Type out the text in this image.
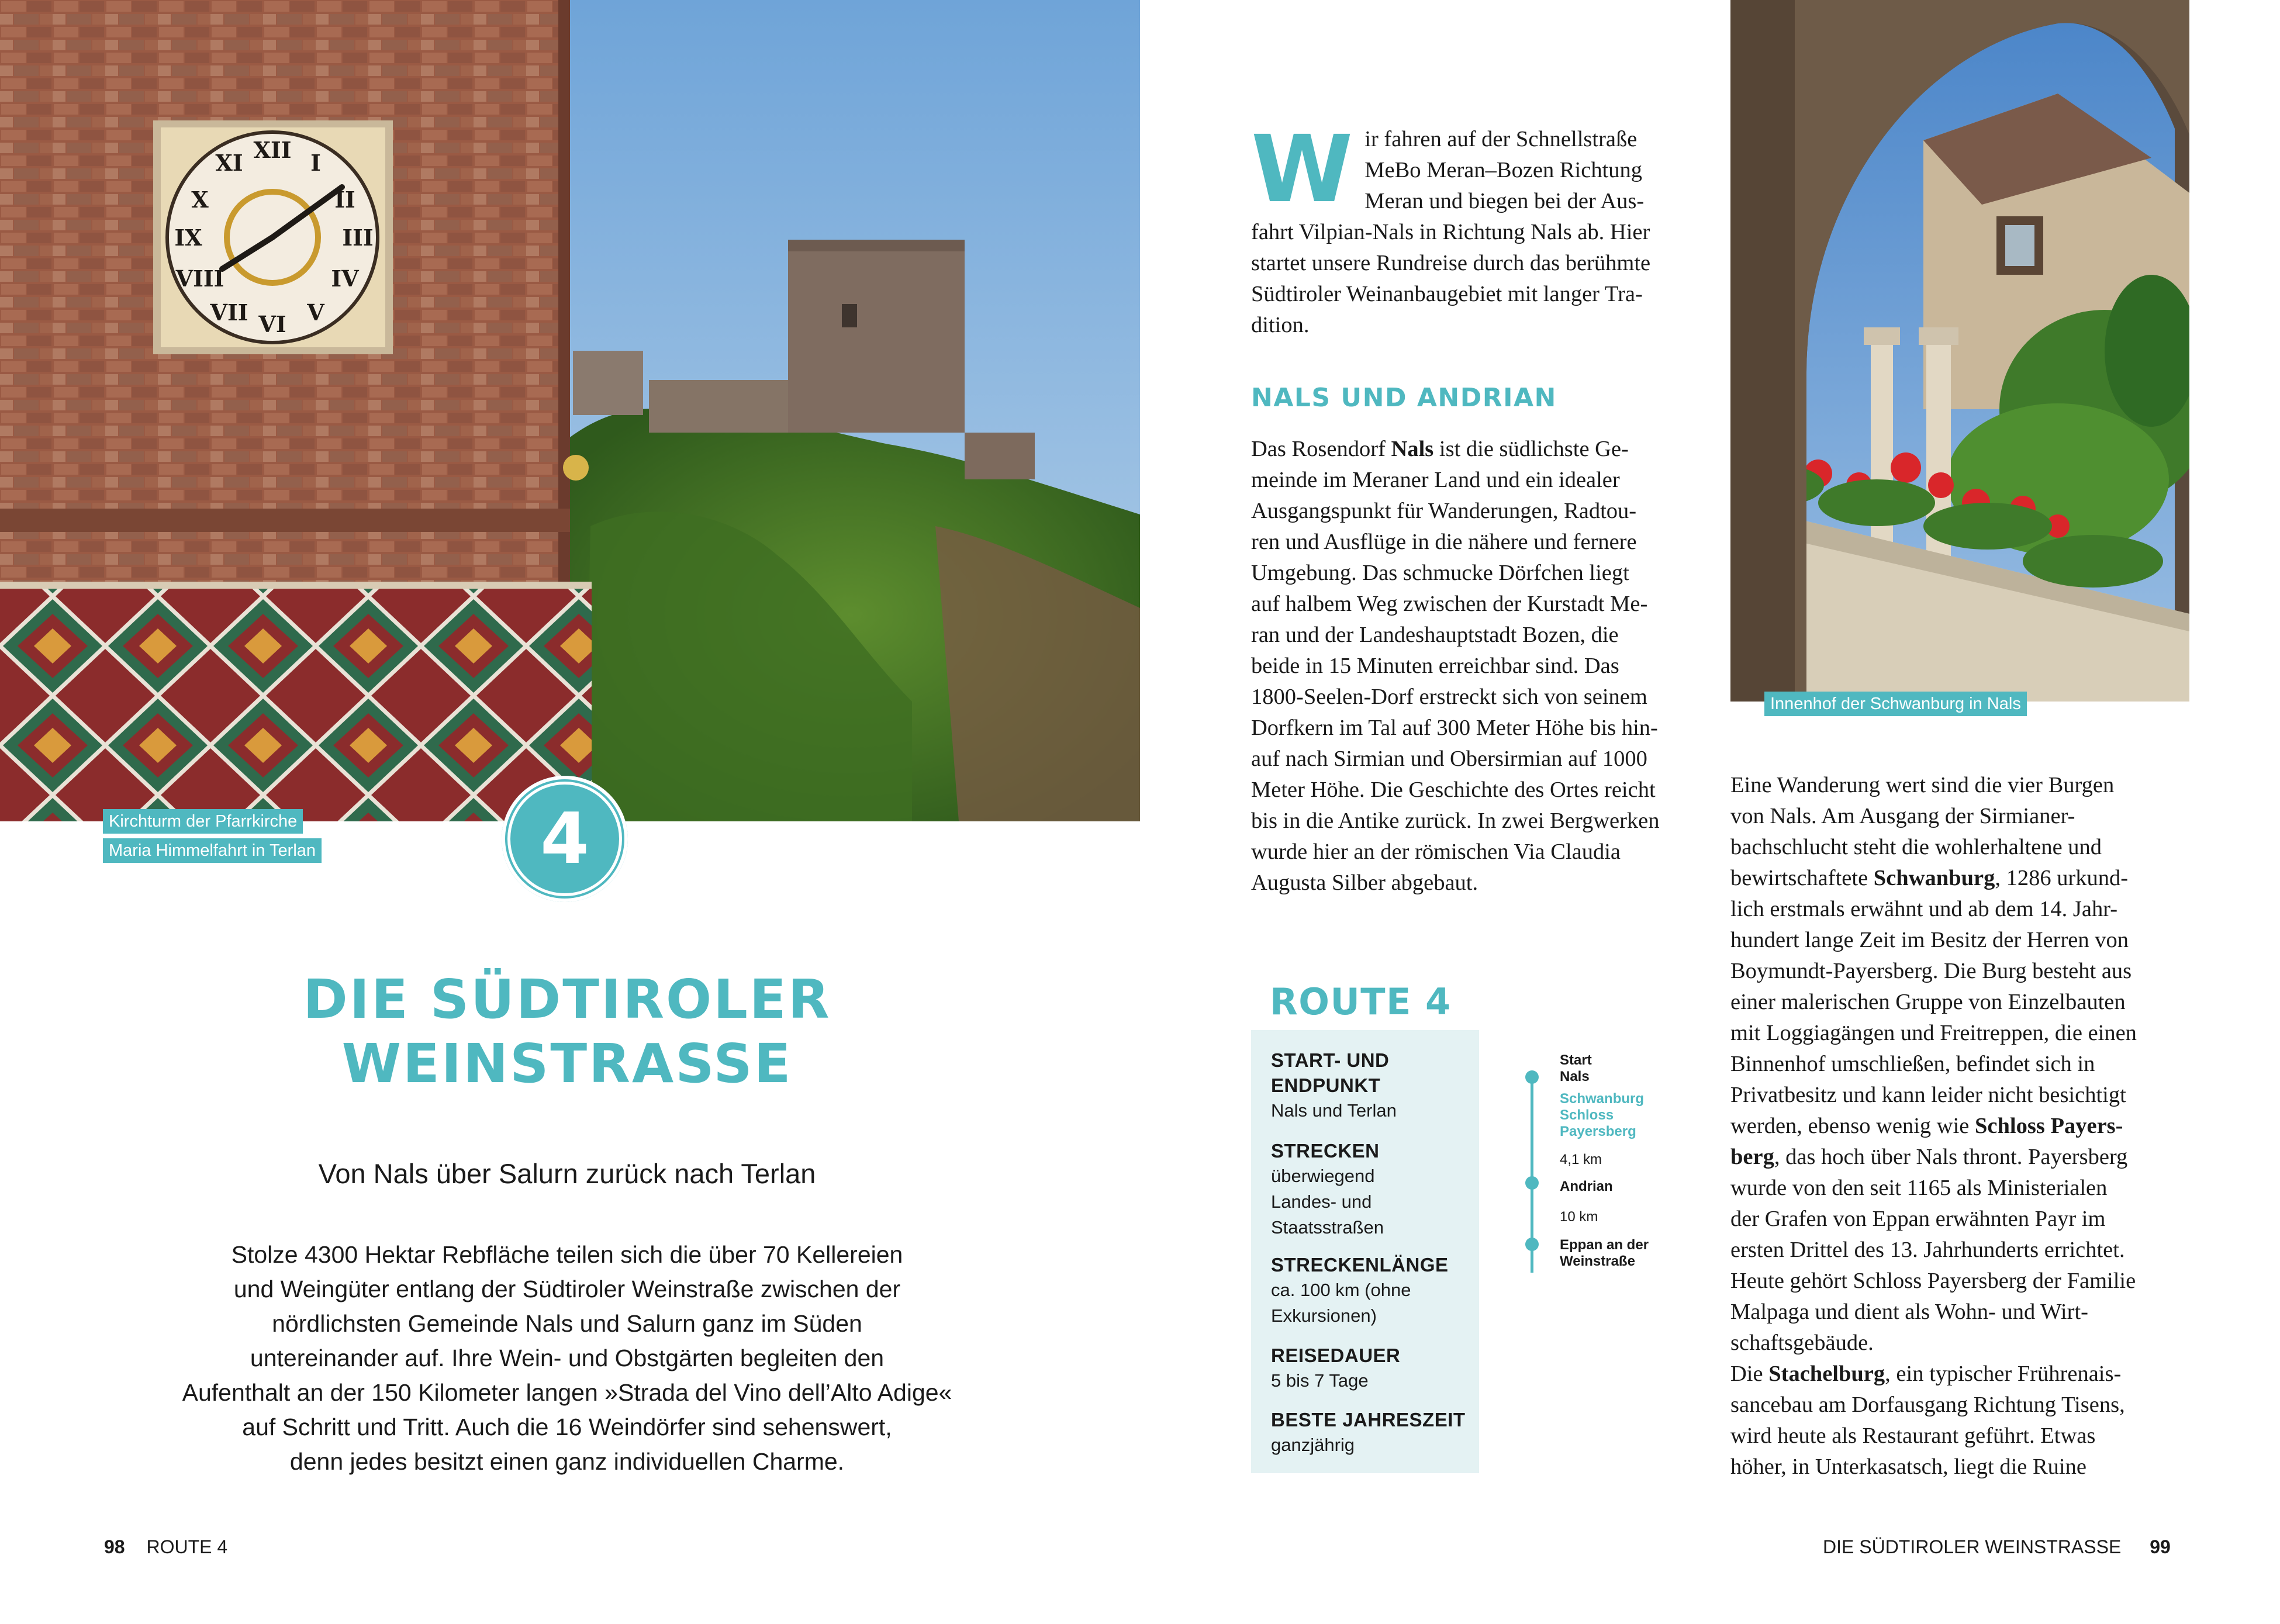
XII
VI
IX	III
XI	I
II
IV
V
VII
VIII
X
Kirchturm der Pfarrkirche
Maria Himmelfahrt in Terlan	4
DIE SÜDTIROLER
WEINSTRASSE

Von Nals über Salurn zurück nach Terlan

Stolze 4300 Hektar Rebfläche teilen sich die über 70 Kellereien
und Weingüter entlang der Südtiroler Weinstraße zwischen der
nördlichsten Gemeinde Nals und Salurn ganz im Süden
untereinander auf. Ihre Wein- und Obstgärten begleiten den
Aufenthalt an der 150 Kilometer langen »Strada del Vino dell’Alto Adige«
auf Schritt und Tritt. Auch die 16 Weindörfer sind sehenswert,
denn jedes besitzt einen ganz individuellen Charme.
98 ROUTE 4
W ir fahren auf der Schnellstraße
MeBo Meran–Bozen Richtung
Meran und biegen bei der Aus-
fahrt Vilpian-Nals in Richtung Nals ab. Hier
startet unsere Rundreise durch das berühmte
Südtiroler Weinanbaugebiet mit langer Tra-
dition.
NALS UND ANDRIAN
Das Rosendorf Nals ist die südlichste Ge-
meinde im Meraner Land und ein idealer
Ausgangspunkt für Wanderungen, Radtou-
ren und Ausflüge in die nähere und fernere
Umgebung. Das schmucke Dörfchen liegt
auf halbem Weg zwischen der Kurstadt Me-
ran und der Landeshauptstadt Bozen, die
beide in 15 Minuten erreichbar sind. Das
1800-Seelen-Dorf erstreckt sich von seinem
Dorfkern im Tal auf 300 Meter Höhe bis hin-
auf nach Sirmian und Obersirmian auf 1000
Meter Höhe. Die Geschichte des Ortes reicht
bis in die Antike zurück. In zwei Bergwerken
wurde hier an der römischen Via Claudia
Augusta Silber abgebaut.
Innenhof der Schwanburg in Nals
Eine Wanderung wert sind die vier Burgen
von Nals. Am Ausgang der Sirmianer-
bachschlucht steht die wohlerhaltene und
bewirtschaftete Schwanburg, 1286 urkund-
lich erstmals erwähnt und ab dem 14. Jahr-
hundert lange Zeit im Besitz der Herren von
Boymundt-Payersberg. Die Burg besteht aus
einer malerischen Gruppe von Einzelbauten
mit Loggiagängen und Freitreppen, die einen
Binnenhof umschließen, befindet sich in
Privatbesitz und kann leider nicht besichtigt
werden, ebenso wenig wie Schloss Payers-
berg, das hoch über Nals thront. Payersberg
wurde von den seit 1165 als Ministerialen
der Grafen von Eppan erwähnten Payr im
ersten Drittel des 13. Jahrhunderts errichtet.
Heute gehört Schloss Payersberg der Familie
Malpaga und dient als Wohn- und Wirt-
schaftsgebäude.
Die Stachelburg, ein typischer Frührenais-
sancebau am Dorfausgang Richtung Tisens,
wird heute als Restaurant geführt. Etwas
höher, in Unterkasatsch, liegt die Ruine
ROUTE 4
START- UND
ENDPUNKT
Nals und Terlan
STRECKEN
überwiegend
Landes- und
Staatsstraßen
STRECKENLÄNGE
ca. 100 km (ohne
Exkursionen)
REISEDAUER
5 bis 7 Tage
BESTE JAHRESZEIT
ganzjährig
Start
Nals
Schwanburg
Schloss
Payersberg
4,1 km
Andrian
10 km
Eppan an der
Weinstraße
DIE SÜDTIROLER WEINSTRASSE 99
